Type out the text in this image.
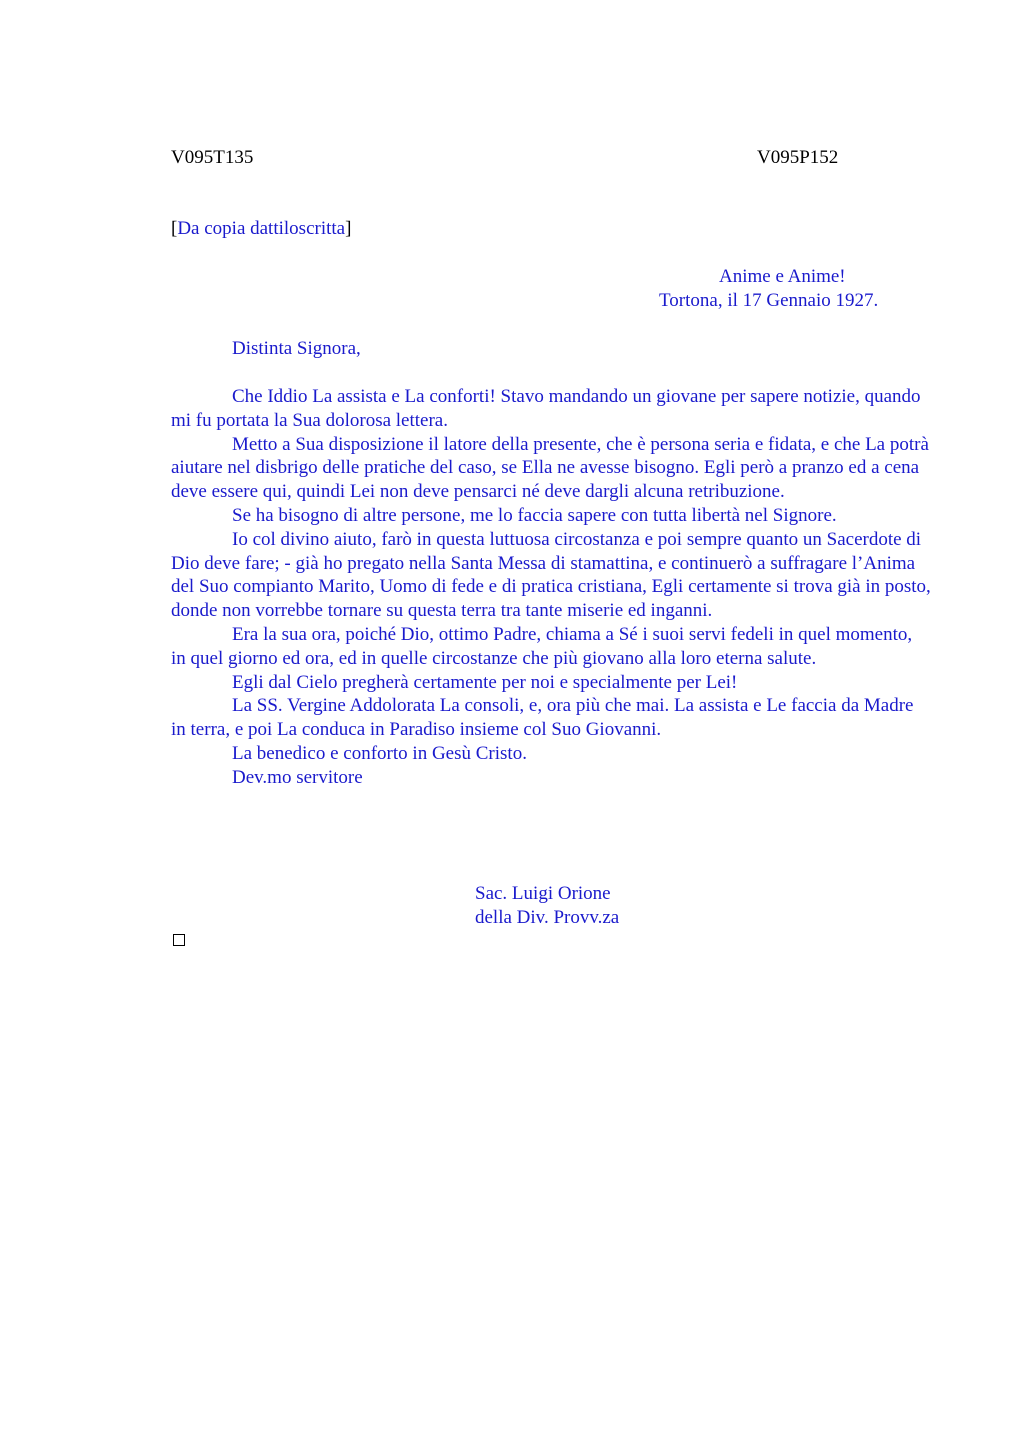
V095T135	V095P152
[Da copia dattiloscritta]
Anime e Anime!
Tortona, il 17 Gennaio 1927.
Distinta Signora,

Che Iddio La assista e La conforti! Stavo mandando un giovane per sapere notizie, quando mi fu portata la Sua dolorosa lettera.

Metto a Sua disposizione il latore della presente, che è persona seria e fidata, e che La potrà aiutare nel disbrigo delle pratiche del caso, se Ella ne avesse bisogno. Egli però a pranzo ed a cena deve essere qui, quindi Lei non deve pensarci né deve dargli alcuna retribuzione.

Se ha bisogno di altre persone, me lo faccia sapere con tutta libertà nel Signore.

Io col divino aiuto, farò in questa luttuosa circostanza e poi sempre quanto un Sacerdote di Dio deve fare; - già ho pregato nella Santa Messa di stamattina, e continuerò a suffragare l’Anima del Suo compianto Marito, Uomo di fede e di pratica cristiana, Egli certamente si trova già in posto, donde non vorrebbe tornare su questa terra tra tante miserie ed inganni.

Era la sua ora, poiché Dio, ottimo Padre, chiama a Sé i suoi servi fedeli in quel momento, in quel giorno ed ora, ed in quelle circostanze che più giovano alla loro eterna salute.

Egli dal Cielo pregherà certamente per noi e specialmente per Lei!

La SS. Vergine Addolorata La consoli, e, ora più che mai. La assista e Le faccia da Madre in terra, e poi La conduca in Paradiso insieme col Suo Giovanni.

La benedico e conforto in Gesù Cristo.

Dev.mo servitore

Sac. Luigi Orione
della Div. Provv.za
